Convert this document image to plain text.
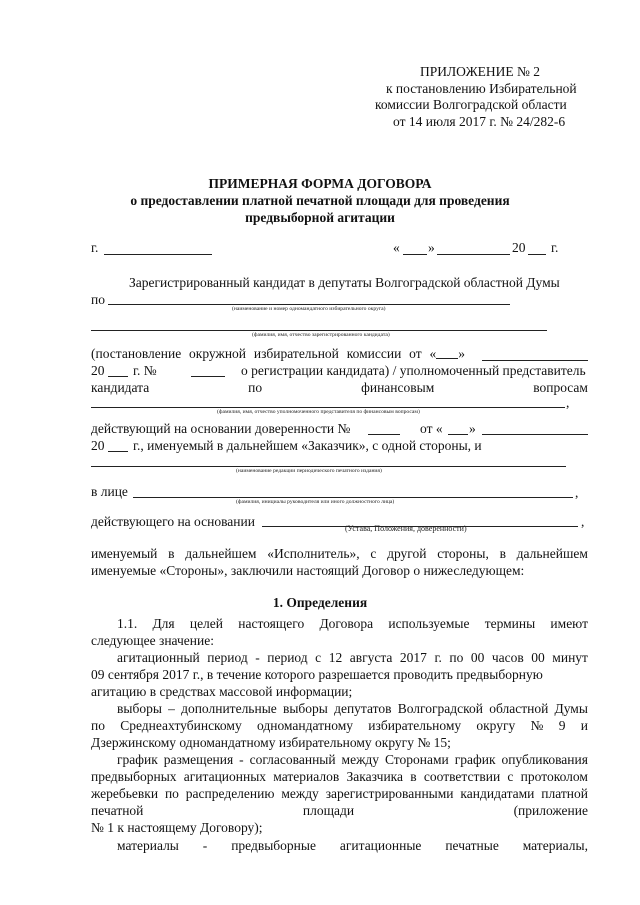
ПРИЛОЖЕНИЕ № 2
к постановлению Избирательной
комиссии Волгоградской области
от 14 июля 2017 г. № 24/282-6
ПРИМЕРНАЯ ФОРМА ДОГОВОРА
о предоставлении платной печатной площади для проведения
предвыборной агитации
г.	« »	20 г.
Зарегистрированный кандидат в депутаты Волгоградской областной Думы
по
(наименование и номер одномандатного избирательного округа)
(фамилия, имя, отчество зарегистрированного кандидата)
(постановление окружной избирательной комиссии от « »
20 г. №	о регистрации кандидата) / уполномоченный представитель
кандидата	по	финансовым	вопросам
,
(фамилия, имя, отчество уполномоченного представителя по финансовым вопросам)
действующий на основании доверенности №	от « »
20 г., именуемый в дальнейшем «Заказчик», с одной стороны, и
(наименование редакции периодического печатного издания)
в лице	,
(фамилия, инициалы руководителя или иного должностного лица)
действующего на основании	,
(Устава, Положения, доверенности)
именуемый в дальнейшем «Исполнитель», с другой стороны, в дальнейшем
именуемые «Стороны», заключили настоящий Договор о нижеследующем:
1. Определения
1.1. Для целей настоящего Договора используемые термины имеют
следующее значение:
агитационный период - период с 12 августа 2017 г. по 00 часов 00 минут
09 сентября 2017 г., в течение которого разрешается проводить предвыборную
агитацию в средствах массовой информации;
выборы – дополнительные выборы депутатов Волгоградской областной Думы
по Среднеахтубинскому одномандатному избирательному округу № 9 и
Дзержинскому одномандатному избирательному округу № 15;
график размещения - согласованный между Сторонами график опубликования
предвыборных агитационных материалов Заказчика в соответствии с протоколом
жеребьевки по распределению между зарегистрированными кандидатами платной
печатной	площади	(приложение
№ 1 к настоящему Договору);
материалы - предвыборные агитационные печатные материалы,
